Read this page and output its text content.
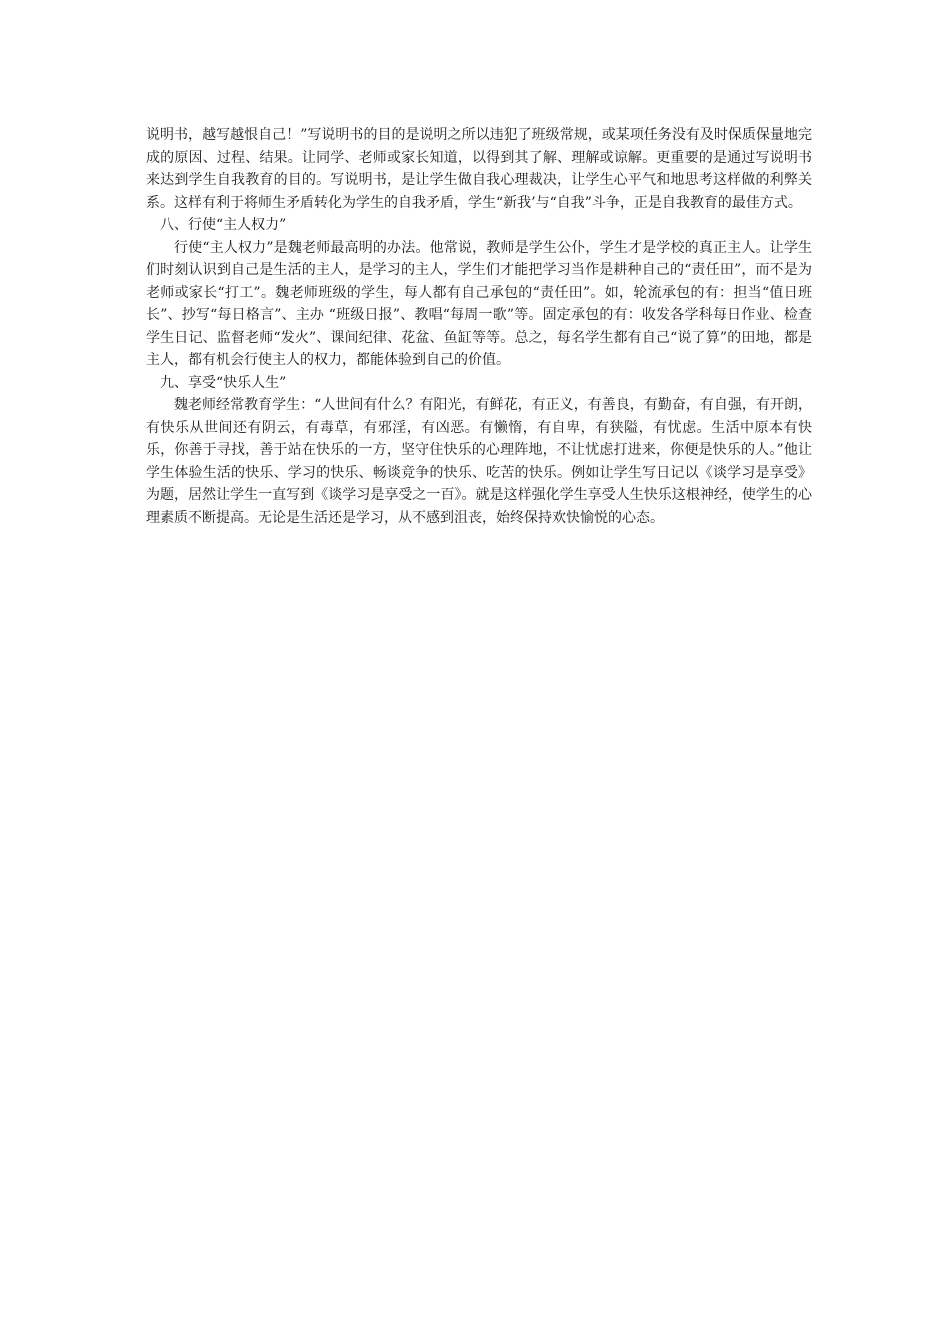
说明书，越写越恨自己！”写说明书的目的是说明之所以违犯了班级常规，或某项任务没有及时保质保量地完成的原因、过程、结果。让同学、老师或家长知道，以得到其了解、理解或谅解。更重要的是通过写说明书来达到学生自我教育的目的。写说明书，是让学生做自我心理裁决，让学生心平气和地思考这样做的利弊关系。这样有利于将师生矛盾转化为学生的自我矛盾，学生“新我’与“自我”斗争，正是自我教育的最佳方式。

八、行使“主人权力”

行使“主人权力”是魏老师最高明的办法。他常说，教师是学生公仆，学生才是学校的真正主人。让学生们时刻认识到自己是生活的主人，是学习的主人，学生们才能把学习当作是耕种自己的“责任田”，而不是为老师或家长“打工”。魏老师班级的学生，每人都有自己承包的“责任田”。如，轮流承包的有：担当“值日班长”、抄写“每日格言”、主办 “班级日报”、教唱“每周一歌”等。固定承包的有：收发各学科每日作业、检查学生日记、监督老师“发火”、课间纪律、花盆、鱼缸等等。总之，每名学生都有自己“说了算”的田地，都是主人，都有机会行使主人的权力，都能体验到自己的价值。

九、享受“快乐人生”

魏老师经常教育学生：“人世间有什么？有阳光，有鲜花，有正义，有善良，有勤奋，有自强，有开朗，有快乐从世间还有阴云，有毒草，有邪淫，有凶恶。有懒惰，有自卑，有狭隘，有忧虑。生活中原本有快乐，你善于寻找，善于站在快乐的一方，坚守住快乐的心理阵地，不让忧虑打进来，你便是快乐的人。”他让学生体验生活的快乐、学习的快乐、畅谈竞争的快乐、吃苦的快乐。例如让学生写日记以《谈学习是享受》为题，居然让学生一直写到《谈学习是享受之一百》。就是这样强化学生享受人生快乐这根神经，使学生的心理素质不断提高。无论是生活还是学习，从不感到沮丧，始终保持欢快愉悦的心态。
